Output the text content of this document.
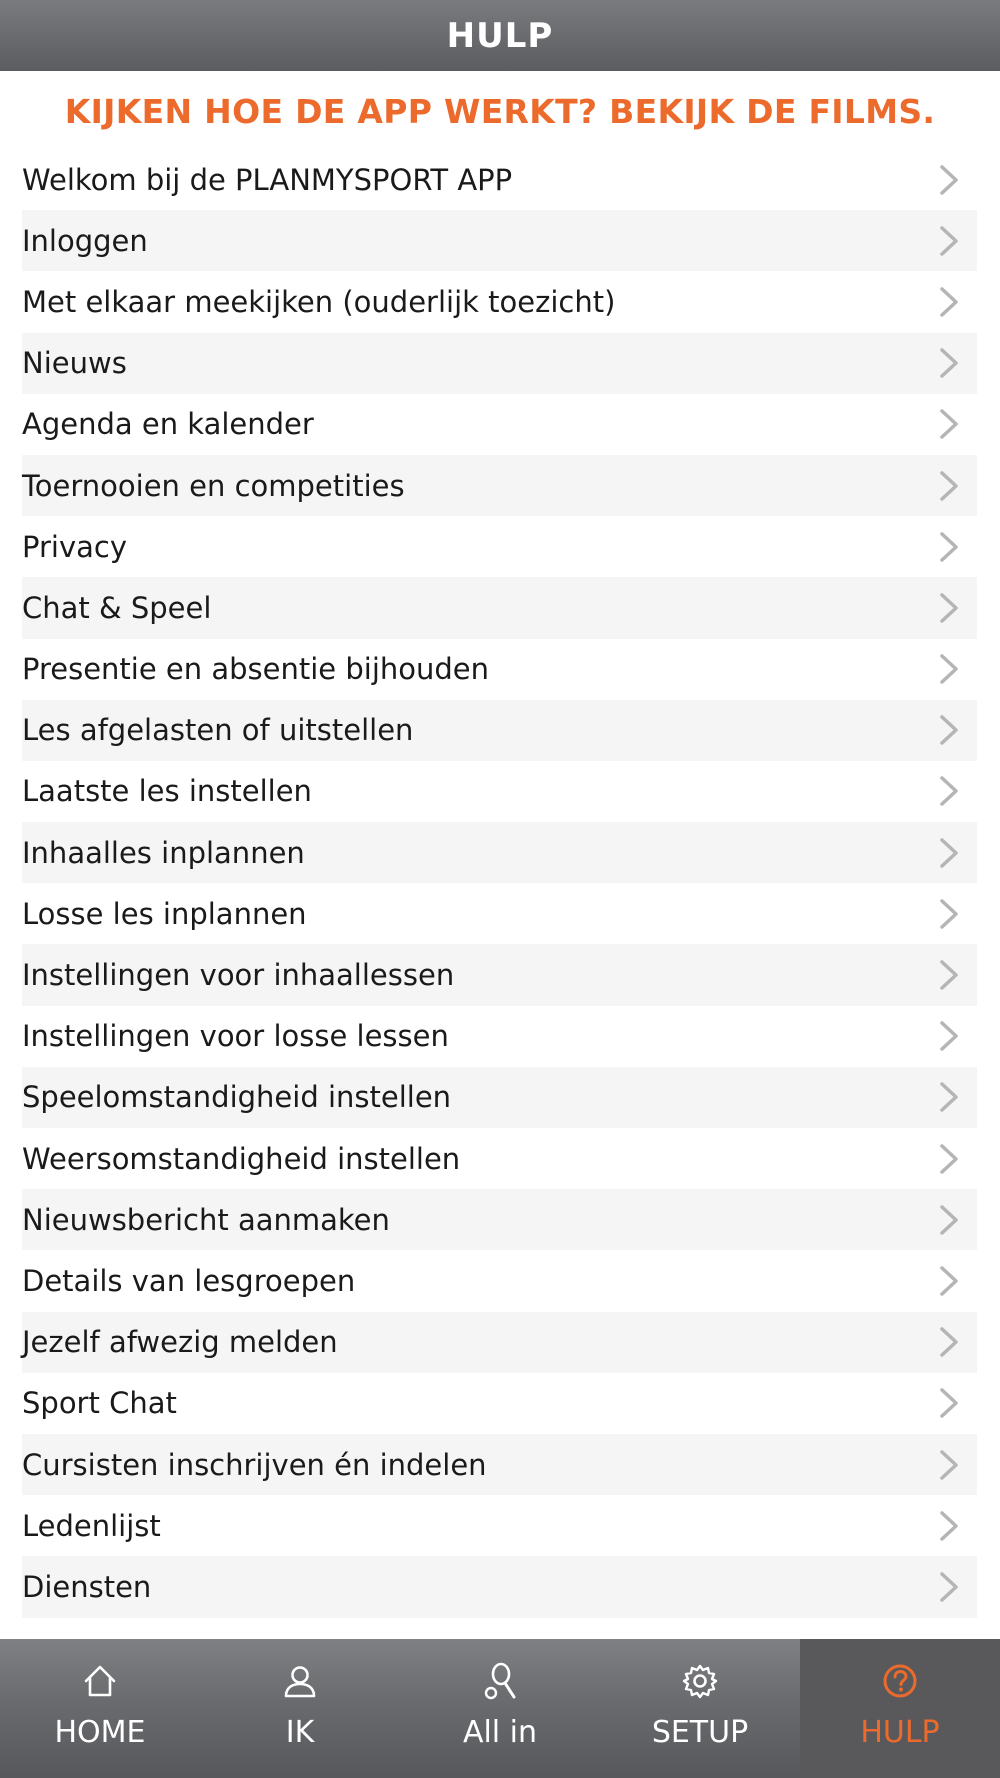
HULP
KIJKEN HOE DE APP WERKT? BEKIJK DE FILMS.
Welkom bij de PLANMYSPORT APP
Inloggen
Met elkaar meekijken (ouderlijk toezicht)
Nieuws
Agenda en kalender
Toernooien en competities
Privacy
Chat & Speel
Presentie en absentie bijhouden
Les afgelasten of uitstellen
Laatste les instellen
Inhaalles inplannen
Losse les inplannen
Instellingen voor inhaallessen
Instellingen voor losse lessen
Speelomstandigheid instellen
Weersomstandigheid instellen
Nieuwsbericht aanmaken
Details van lesgroepen
Jezelf afwezig melden
Sport Chat
Cursisten inschrijven én indelen
Ledenlijst
Diensten
HOME	IK	All in	SETUP	HULP
